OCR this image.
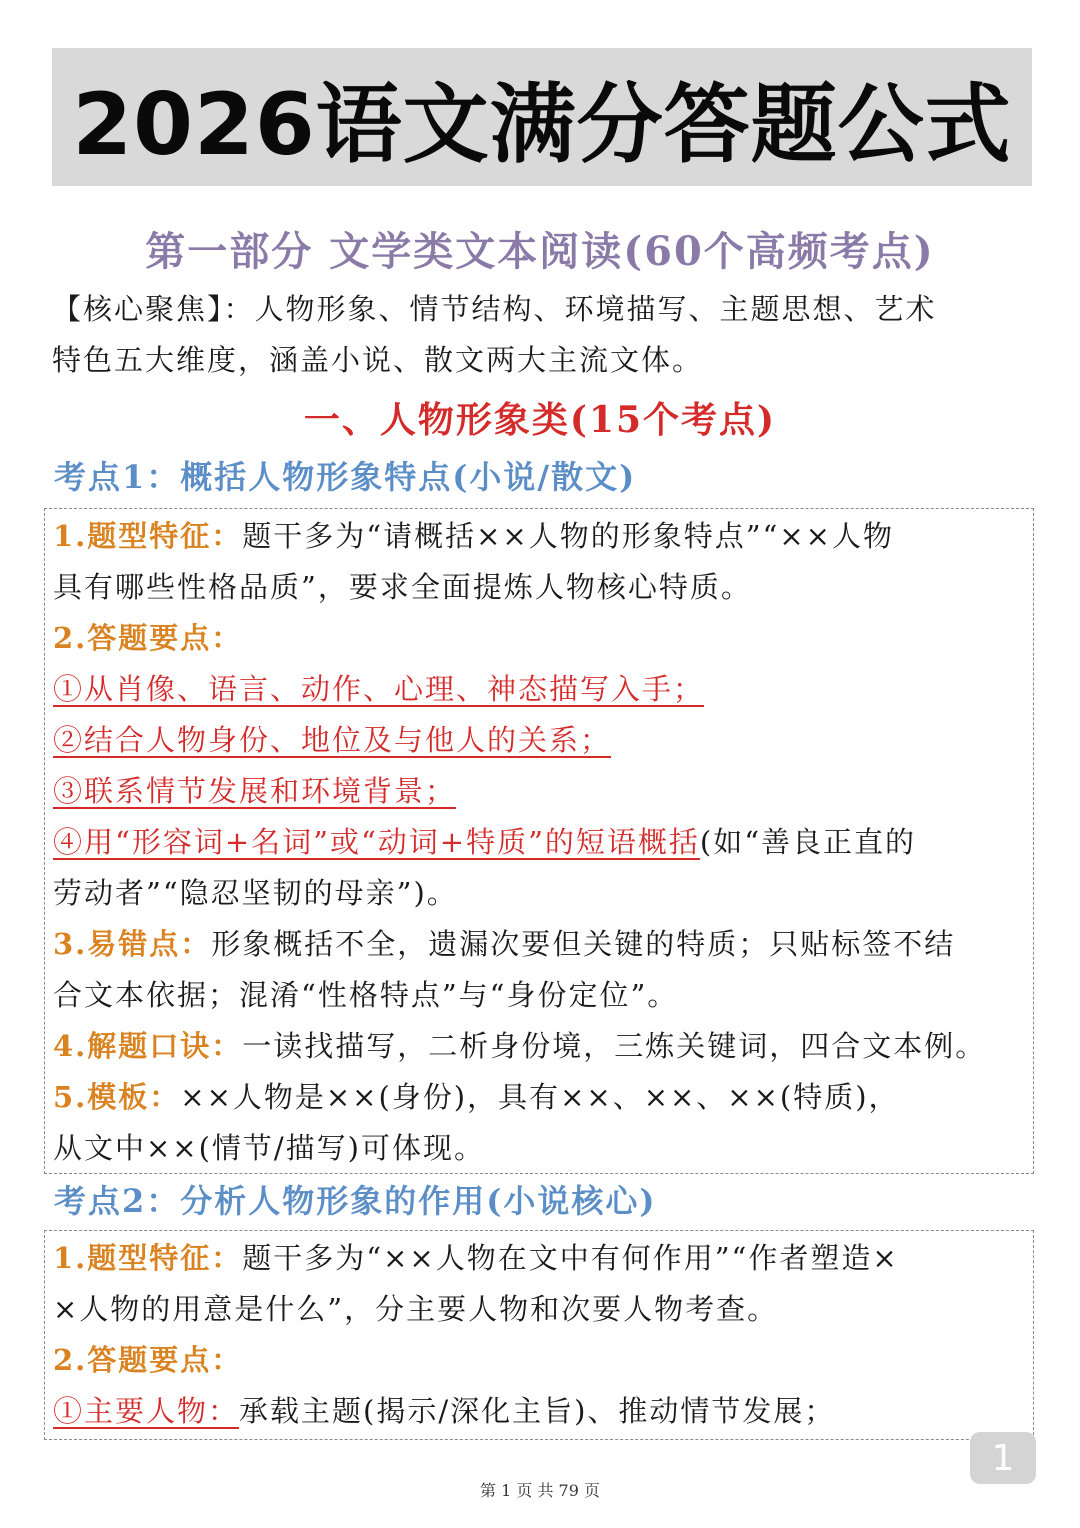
2026语文满分答题公式
第一部分 文学类文本阅读(60个高频考点)
【核心聚焦】：人物形象、情节结构、环境描写、主题思想、艺术
特色五大维度，涵盖小说、散文两大主流文体。
一、人物形象类(15个考点)
考点1：概括人物形象特点(小说/散文)
1.题型特征：题干多为“请概括××人物的形象特点”“××人物
具有哪些性格品质”，要求全面提炼人物核心特质。
2.答题要点：
①从肖像、语言、动作、心理、神态描写入手；
②结合人物身份、地位及与他人的关系；
③联系情节发展和环境背景；
④用“形容词+名词”或“动词+特质”的短语概括(如“善良正直的
劳动者”“隐忍坚韧的母亲”)。
3.易错点：形象概括不全，遗漏次要但关键的特质；只贴标签不结
合文本依据；混淆“性格特点”与“身份定位”。
4.解题口诀：一读找描写，二析身份境，三炼关键词，四合文本例。
5.模板：××人物是××(身份)，具有××、××、××(特质)，
从文中××(情节/描写)可体现。
考点2：分析人物形象的作用(小说核心)
1.题型特征：题干多为“××人物在文中有何作用”“作者塑造×
×人物的用意是什么”，分主要人物和次要人物考查。
2.答题要点：
①主要人物：承载主题(揭示/深化主旨)、推动情节发展；
1
第 1 页 共 79 页
